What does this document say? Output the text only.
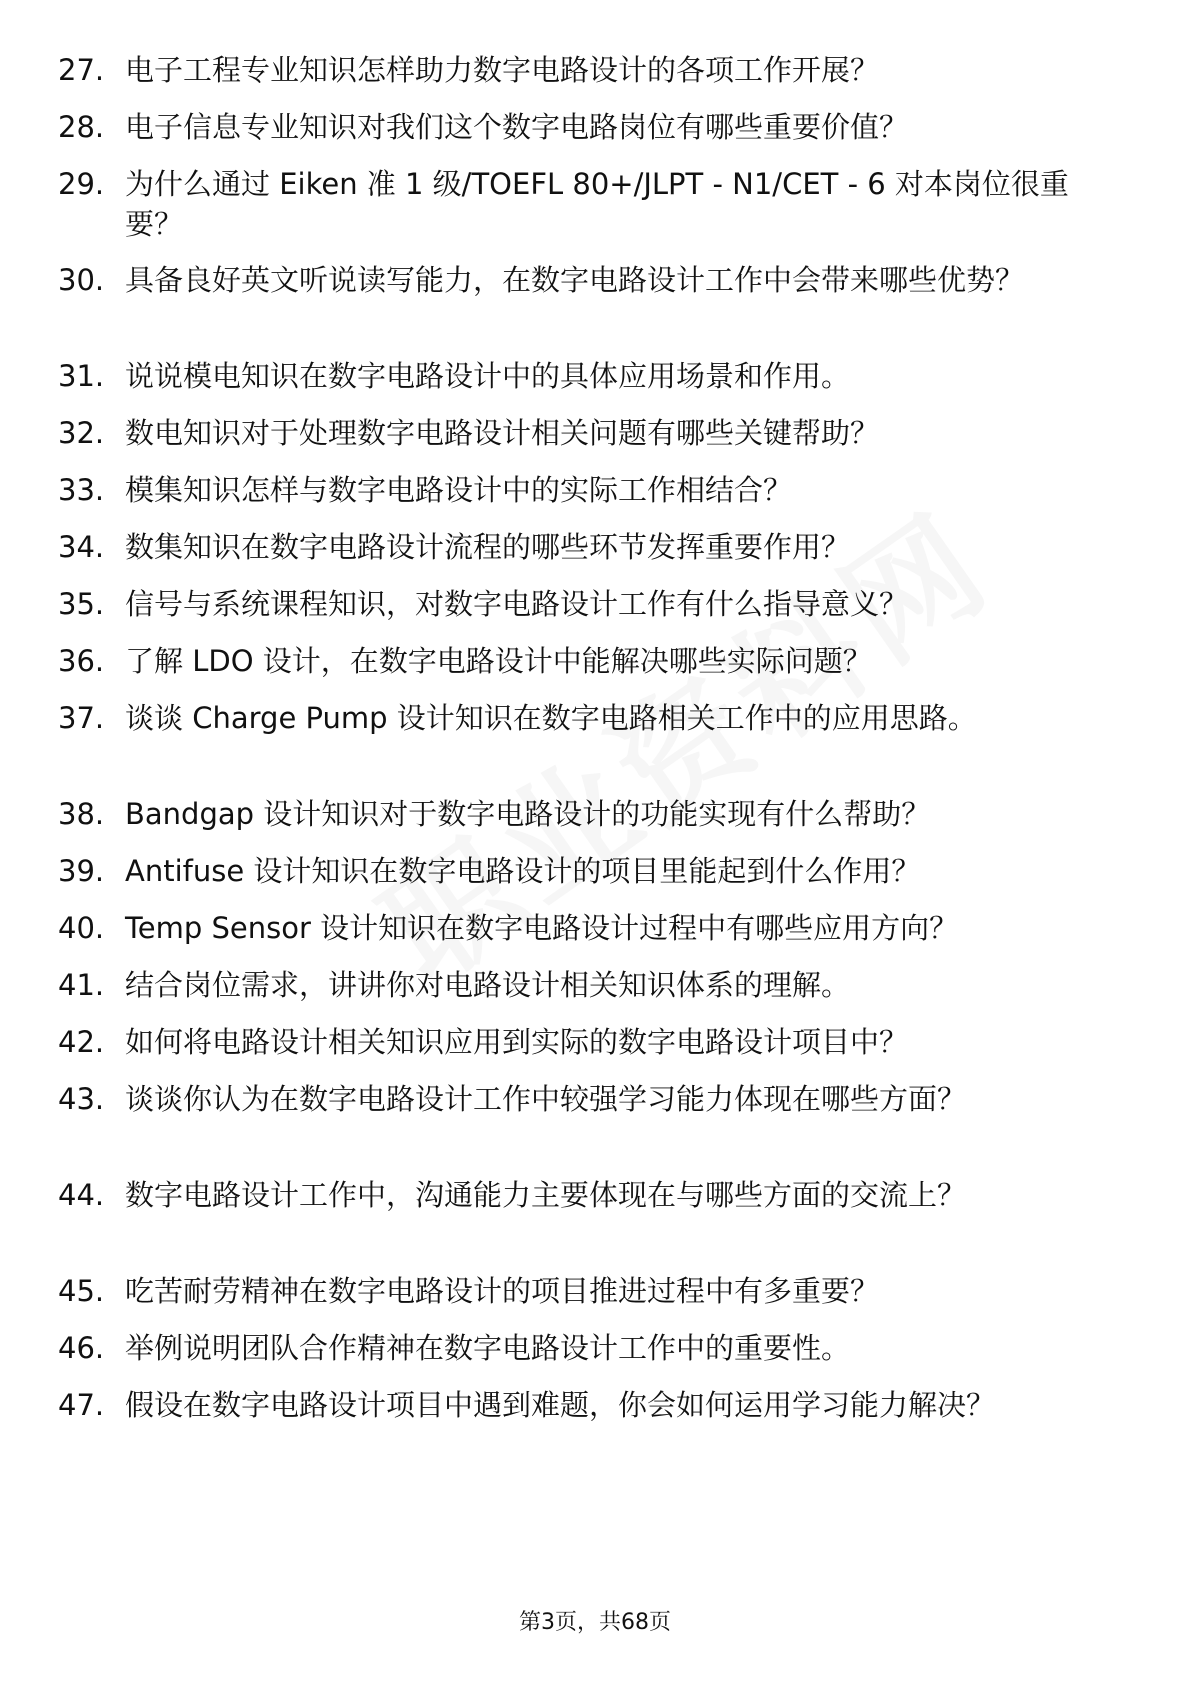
27. 电子工程专业知识怎样助力数字电路设计的各项工作开展？
28. 电子信息专业知识对我们这个数字电路岗位有哪些重要价值？
29. 为什么通过 Eiken 准 1 级/TOEFL 80+/JLPT - N1/CET - 6 对本岗位很重要？
30. 具备良好英文听说读写能力，在数字电路设计工作中会带来哪些优势？
31. 说说模电知识在数字电路设计中的具体应用场景和作用。
32. 数电知识对于处理数字电路设计相关问题有哪些关键帮助？
33. 模集知识怎样与数字电路设计中的实际工作相结合？
34. 数集知识在数字电路设计流程的哪些环节发挥重要作用？
35. 信号与系统课程知识，对数字电路设计工作有什么指导意义？
36. 了解 LDO 设计，在数字电路设计中能解决哪些实际问题？
37. 谈谈 Charge Pump 设计知识在数字电路相关工作中的应用思路。
38. Bandgap 设计知识对于数字电路设计的功能实现有什么帮助？
39. Antifuse 设计知识在数字电路设计的项目里能起到什么作用？
40. Temp Sensor 设计知识在数字电路设计过程中有哪些应用方向？
41. 结合岗位需求，讲讲你对电路设计相关知识体系的理解。
42. 如何将电路设计相关知识应用到实际的数字电路设计项目中？
43. 谈谈你认为在数字电路设计工作中较强学习能力体现在哪些方面？
44. 数字电路设计工作中，沟通能力主要体现在与哪些方面的交流上？
45. 吃苦耐劳精神在数字电路设计的项目推进过程中有多重要？
46. 举例说明团队合作精神在数字电路设计工作中的重要性。
47. 假设在数字电路设计项目中遇到难题，你会如何运用学习能力解决？
第3页，共68页
